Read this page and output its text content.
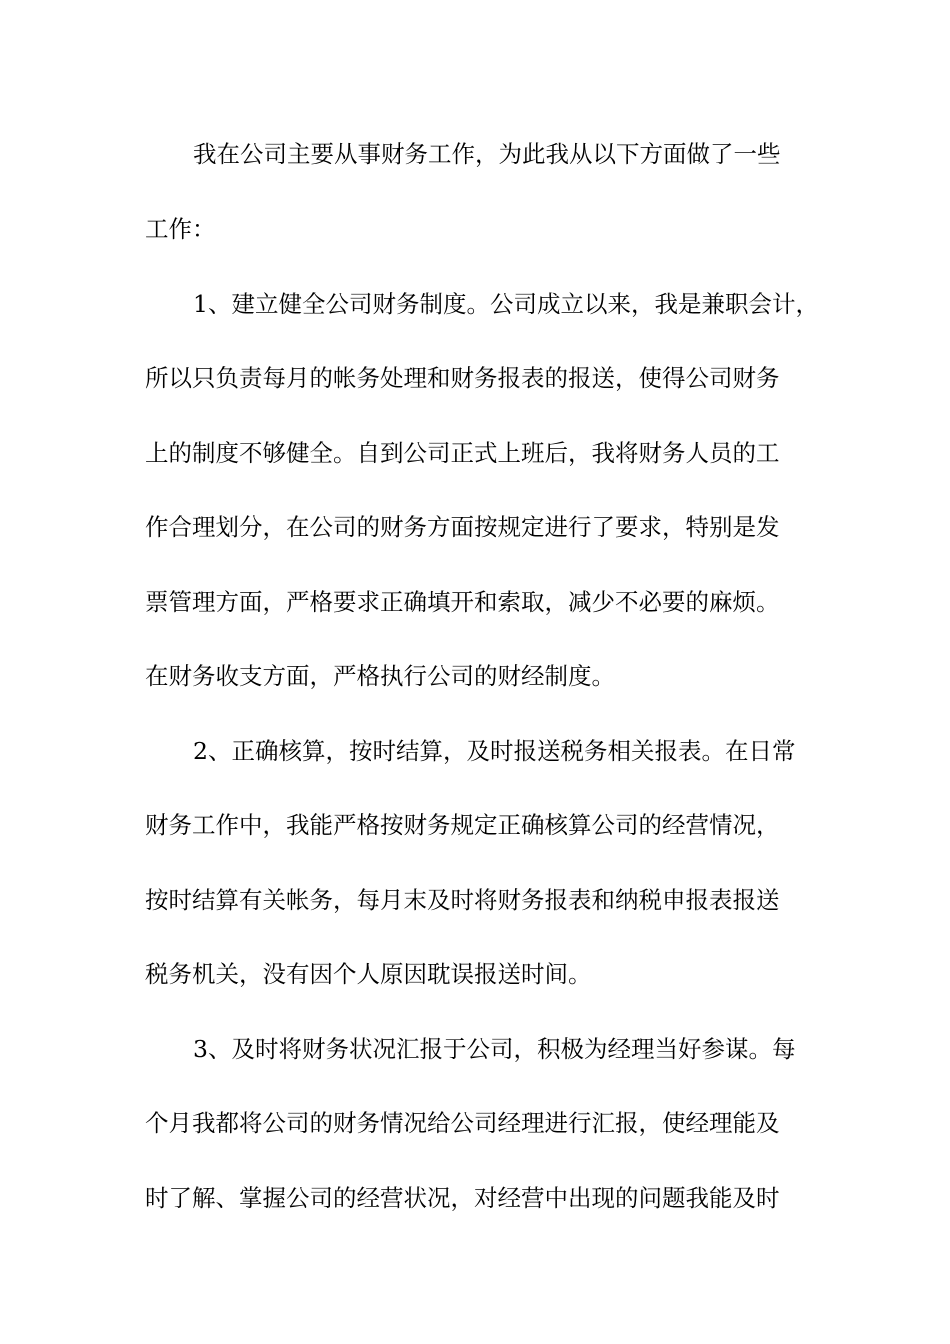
我在公司主要从事财务工作，为此我从以下方面做了一些
工作：
1、建立健全公司财务制度。公司成立以来，我是兼职会计，
所以只负责每月的帐务处理和财务报表的报送，使得公司财务
上的制度不够健全。自到公司正式上班后，我将财务人员的工
作合理划分，在公司的财务方面按规定进行了要求，特别是发
票管理方面，严格要求正确填开和索取，减少不必要的麻烦。
在财务收支方面，严格执行公司的财经制度。
2、正确核算，按时结算，及时报送税务相关报表。在日常
财务工作中，我能严格按财务规定正确核算公司的经营情况，
按时结算有关帐务，每月末及时将财务报表和纳税申报表报送
税务机关，没有因个人原因耽误报送时间。
3、及时将财务状况汇报于公司，积极为经理当好参谋。每
个月我都将公司的财务情况给公司经理进行汇报，使经理能及
时了解、掌握公司的经营状况，对经营中出现的问题我能及时
